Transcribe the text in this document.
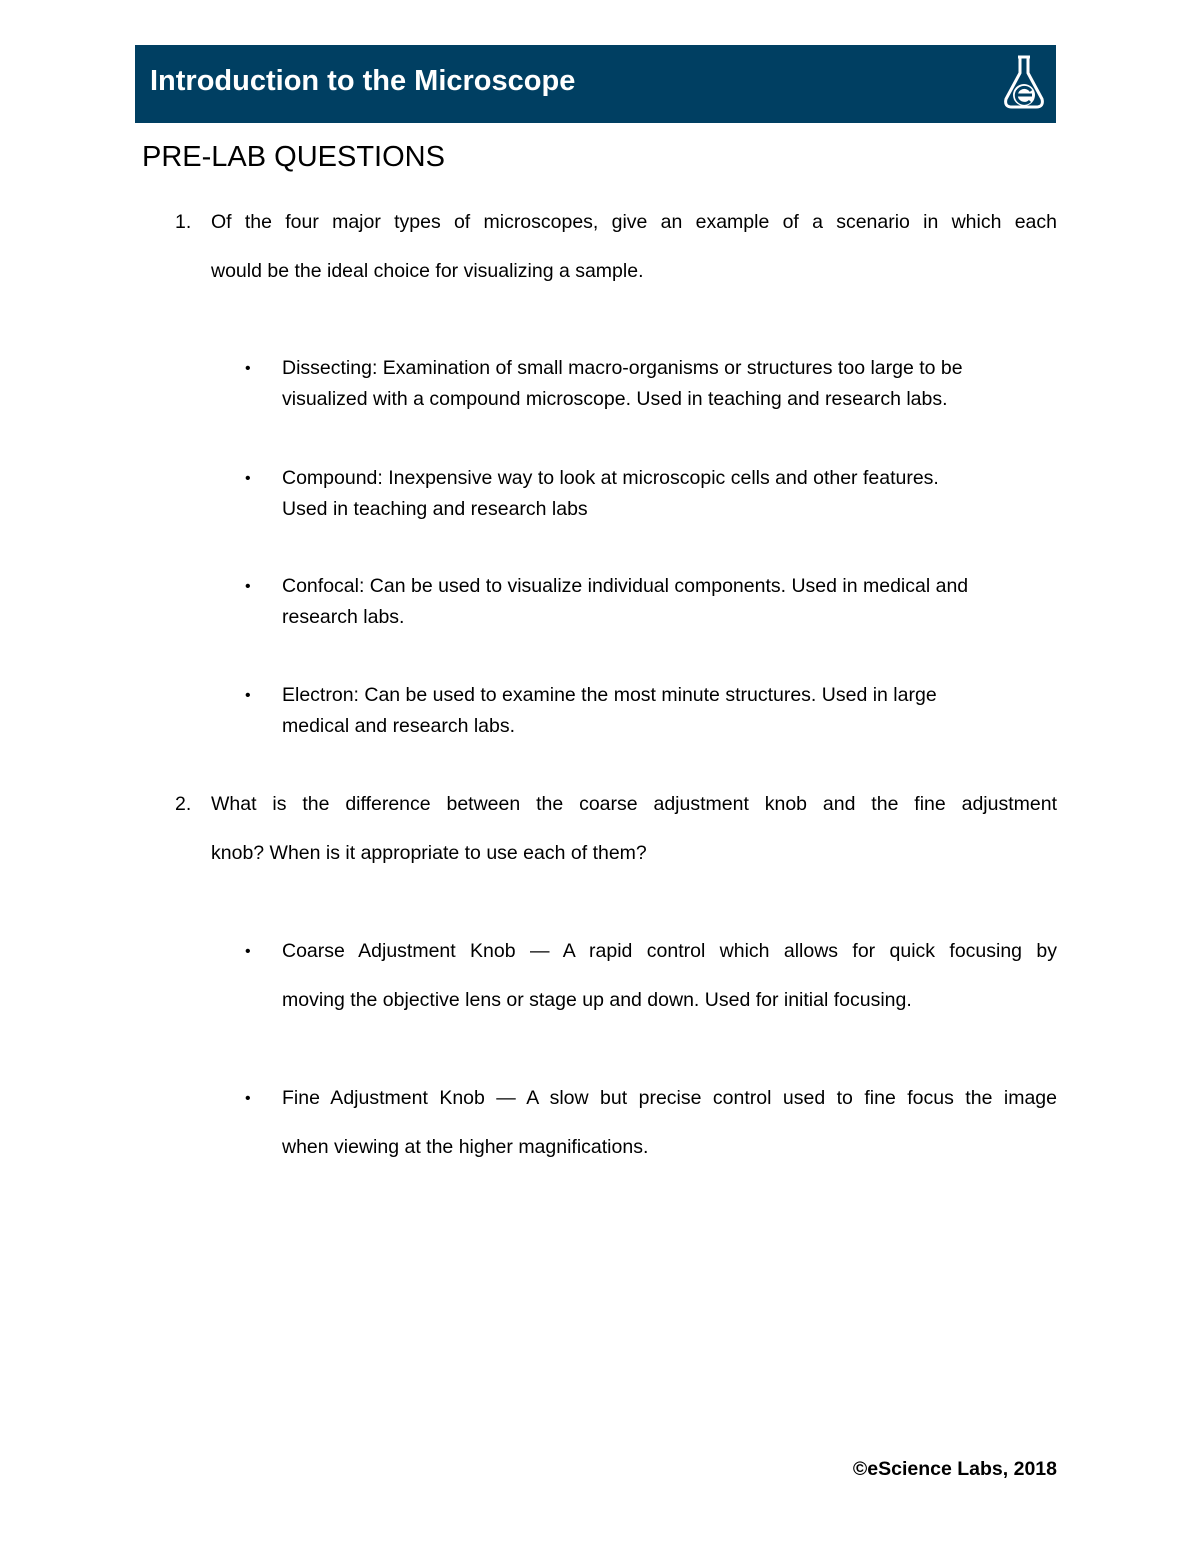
Introduction to the Microscope
PRE-LAB QUESTIONS
1. Of the four major types of microscopes, give an example of a scenario in which each
would be the ideal choice for visualizing a sample.
• Dissecting: Examination of small macro-organisms or structures too large to be
visualized with a compound microscope. Used in teaching and research labs.
• Compound: Inexpensive way to look at microscopic cells and other features.
Used in teaching and research labs
• Confocal: Can be used to visualize individual components. Used in medical and
research labs.
• Electron: Can be used to examine the most minute structures. Used in large
medical and research labs.
2. What is the difference between the coarse adjustment knob and the fine adjustment
knob? When is it appropriate to use each of them?
• Coarse Adjustment Knob — A rapid control which allows for quick focusing by
moving the objective lens or stage up and down. Used for initial focusing.
• Fine Adjustment Knob — A slow but precise control used to fine focus the image
when viewing at the higher magnifications.
©eScience Labs, 2018
